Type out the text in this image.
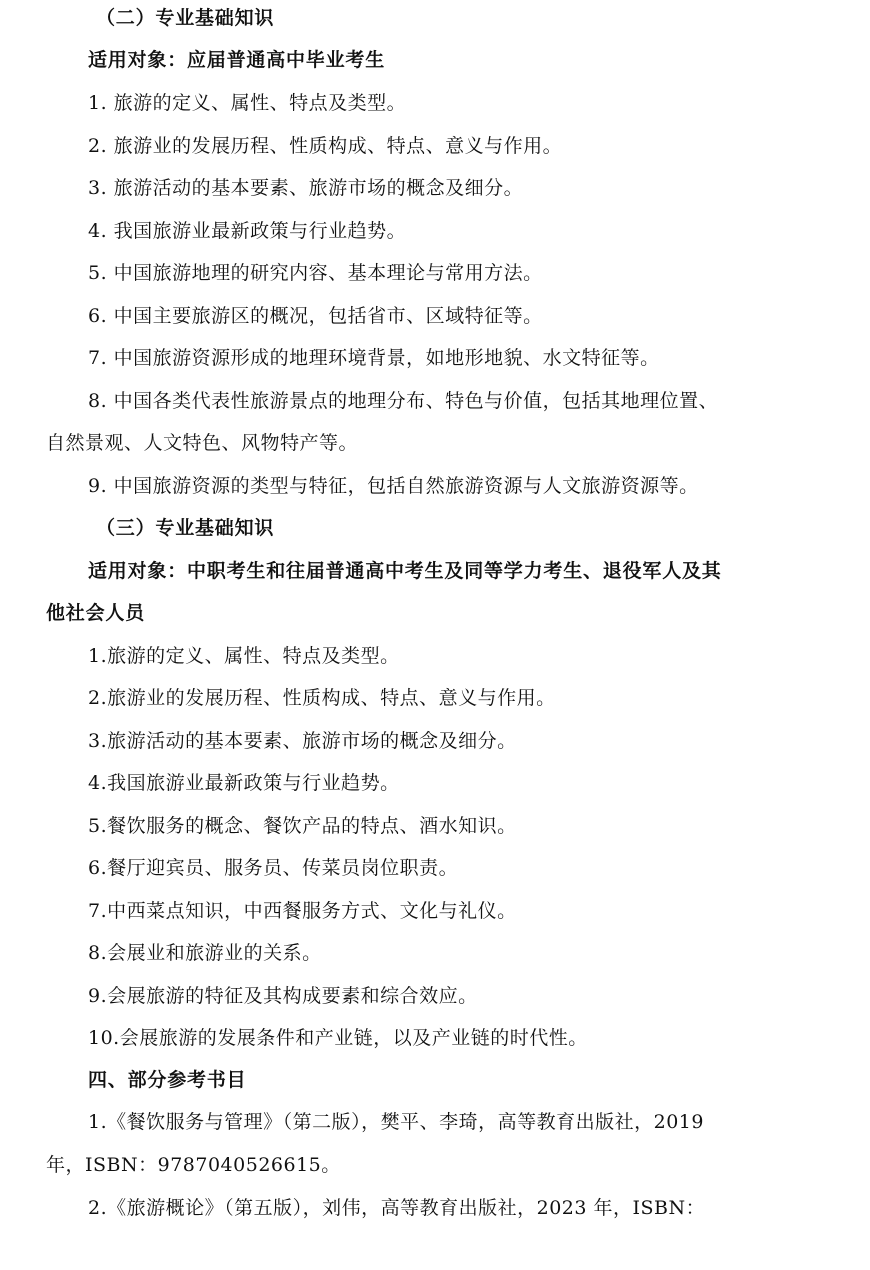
（二）专业基础知识
适用对象：应届普通高中毕业考生
1. 旅游的定义、属性、特点及类型。
2. 旅游业的发展历程、性质构成、特点、意义与作用。
3. 旅游活动的基本要素、旅游市场的概念及细分。
4. 我国旅游业最新政策与行业趋势。
5. 中国旅游地理的研究内容、基本理论与常用方法。
6. 中国主要旅游区的概况，包括省市、区域特征等。
7. 中国旅游资源形成的地理环境背景，如地形地貌、水文特征等。
8. 中国各类代表性旅游景点的地理分布、特色与价值，包括其地理位置、
自然景观、人文特色、风物特产等。
9. 中国旅游资源的类型与特征，包括自然旅游资源与人文旅游资源等。
（三）专业基础知识
适用对象：中职考生和往届普通高中考生及同等学力考生、退役军人及其
他社会人员
1.旅游的定义、属性、特点及类型。
2.旅游业的发展历程、性质构成、特点、意义与作用。
3.旅游活动的基本要素、旅游市场的概念及细分。
4.我国旅游业最新政策与行业趋势。
5.餐饮服务的概念、餐饮产品的特点、酒水知识。
6.餐厅迎宾员、服务员、传菜员岗位职责。
7.中西菜点知识，中西餐服务方式、文化与礼仪。
8.会展业和旅游业的关系。
9.会展旅游的特征及其构成要素和综合效应。
10.会展旅游的发展条件和产业链，以及产业链的时代性。
四、部分参考书目
1.《餐饮服务与管理》（第二版），樊平、李琦，高等教育出版社，2019
年，ISBN：9787040526615。
2.《旅游概论》（第五版），刘伟，高等教育出版社，2023 年，ISBN：
